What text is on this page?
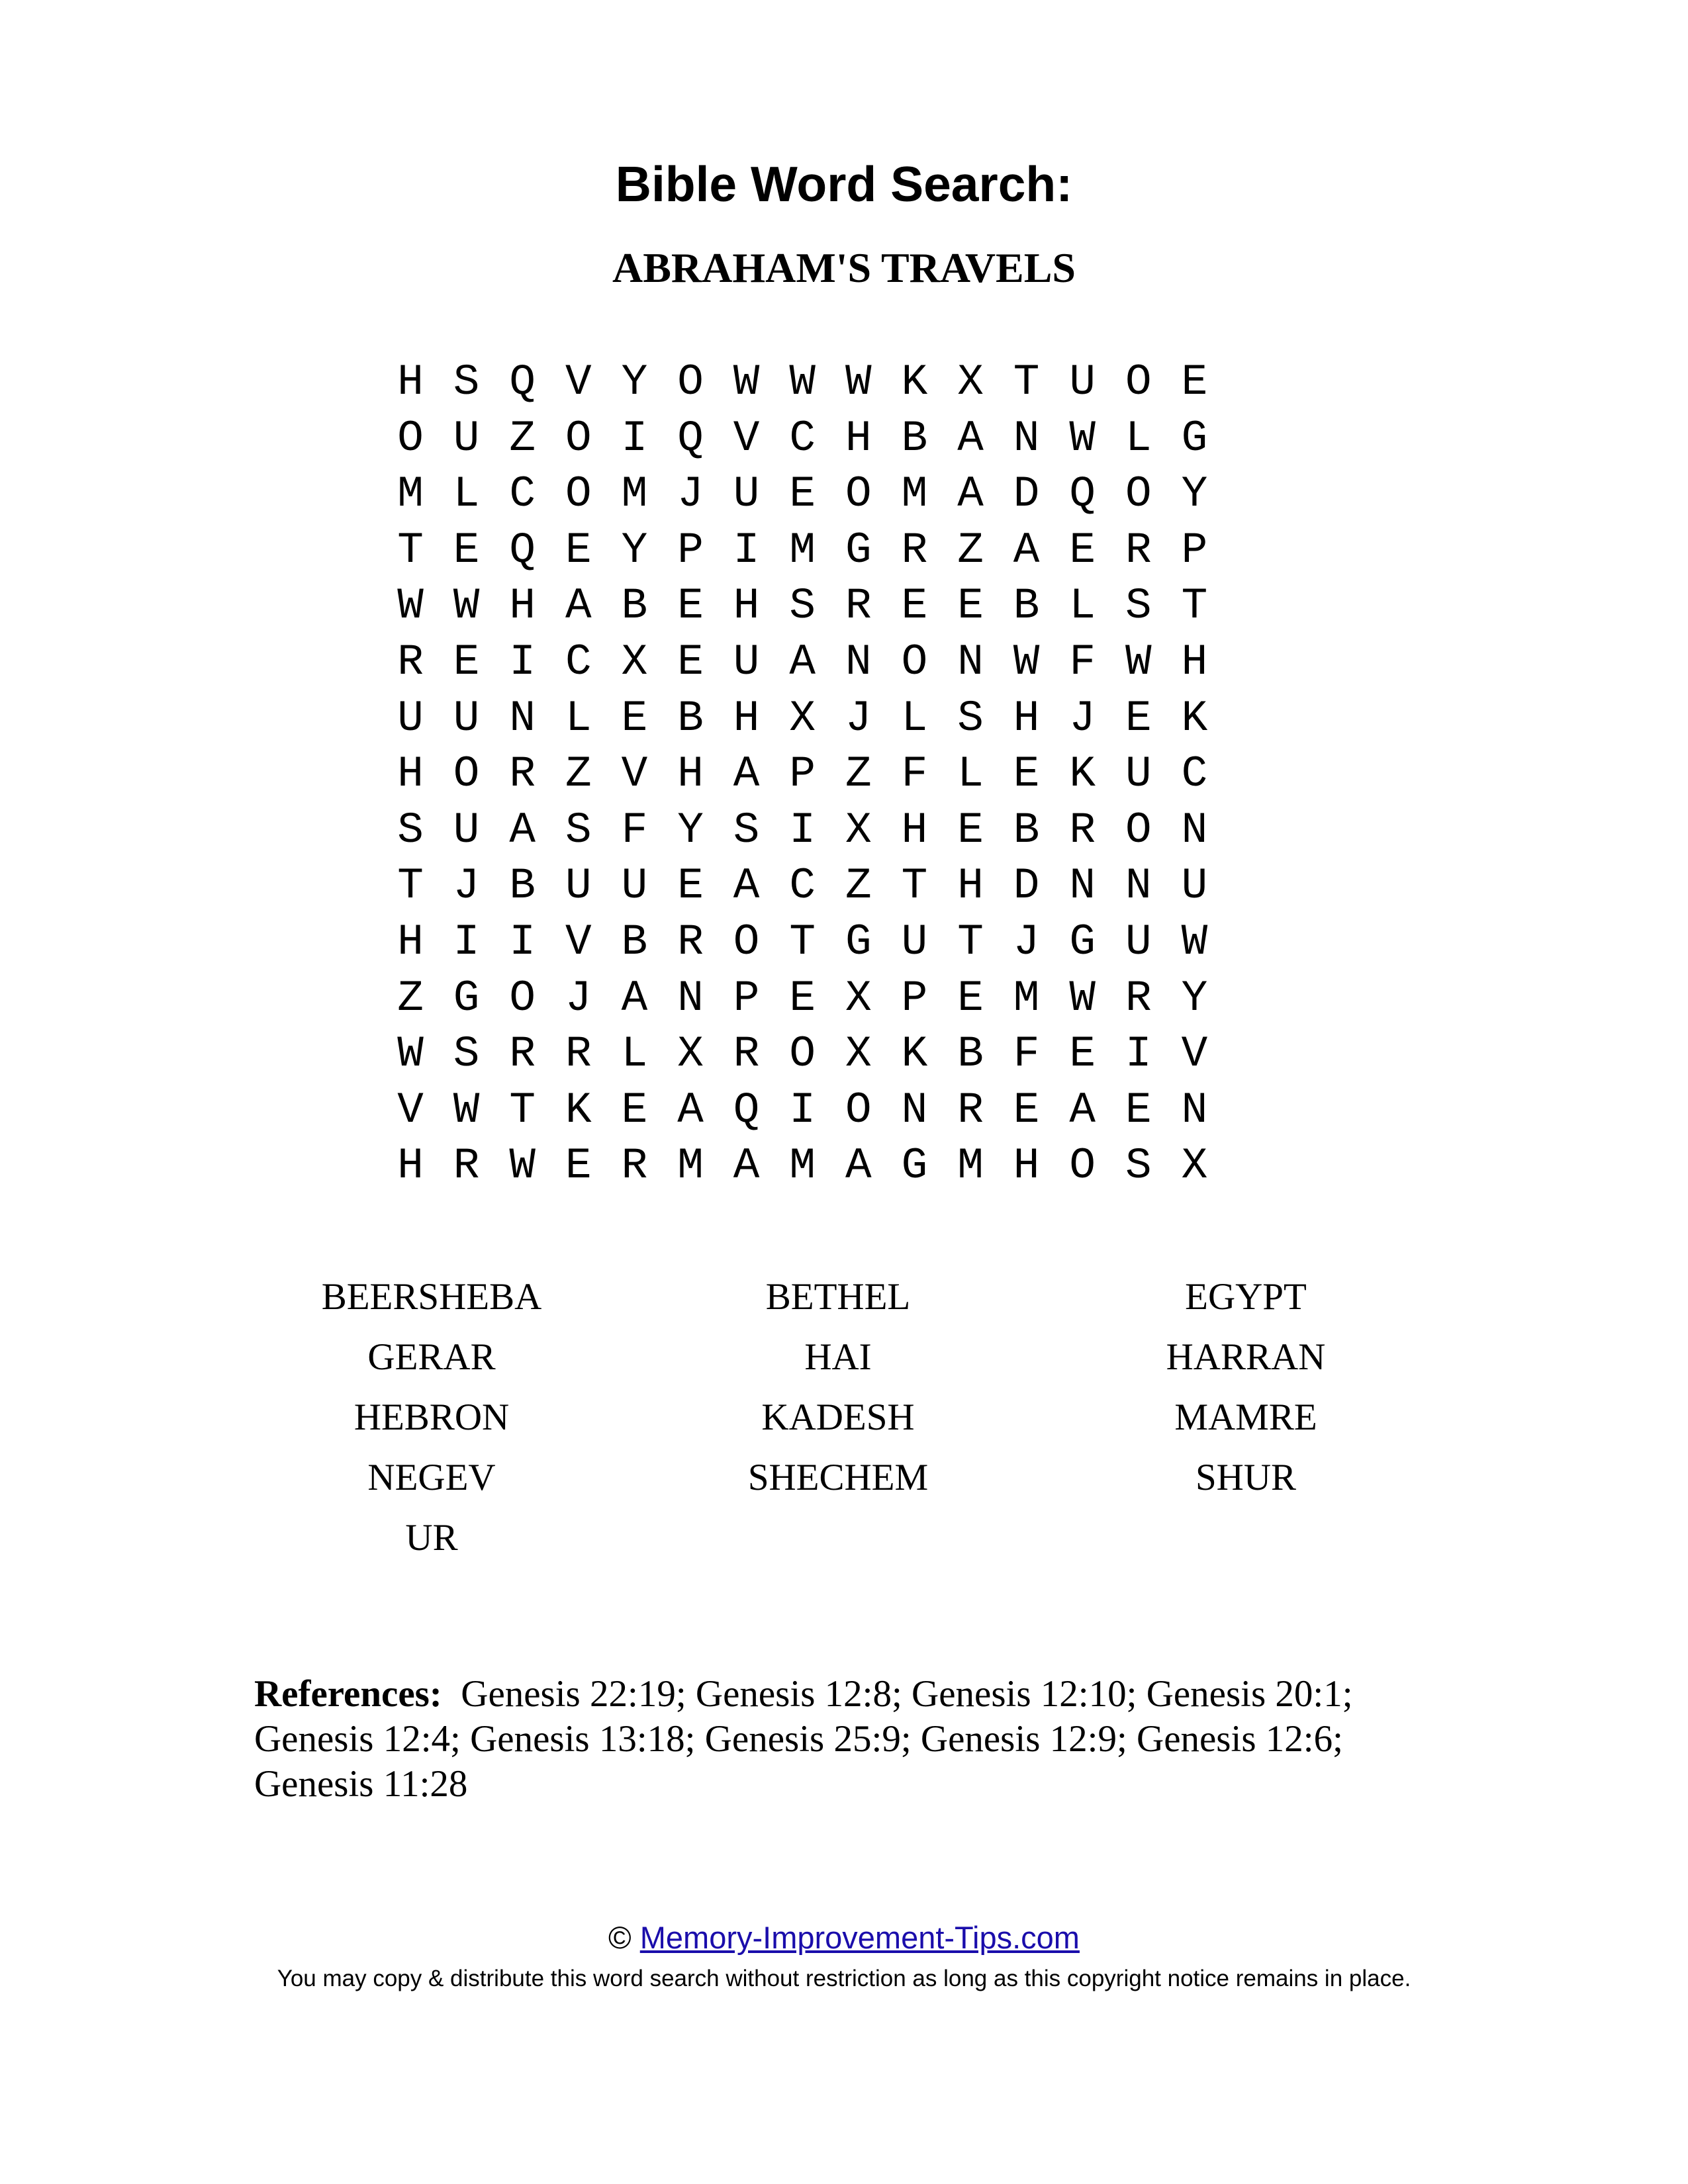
Bible Word Search:
ABRAHAM'S TRAVELS
H S Q V Y O W W W K X T U O E
O U Z O I Q V C H B A N W L G
M L C O M J U E O M A D Q O Y
T E Q E Y P I M G R Z A E R P
W W H A B E H S R E E B L S T
R E I C X E U A N O N W F W H
U U N L E B H X J L S H J E K
H O R Z V H A P Z F L E K U C
S U A S F Y S I X H E B R O N
T J B U U E A C Z T H D N N U
H I I V B R O T G U T J G U W
Z G O J A N P E X P E M W R Y
W S R R L X R O X K B F E I V
V W T K E A Q I O N R E A E N
H R W E R M A M A G M H O S X
BEERSHEBA	BETHEL	EGYPT
GERAR	HAI	HARRAN
HEBRON	KADESH	MAMRE
NEGEV	SHECHEM	SHUR
UR
References: Genesis 22:19; Genesis 12:8; Genesis 12:10; Genesis 20:1; Genesis 12:4; Genesis 13:18; Genesis 25:9; Genesis 12:9; Genesis 12:6; Genesis 11:28
© Memory-Improvement-Tips.com
You may copy & distribute this word search without restriction as long as this copyright notice remains in place.
